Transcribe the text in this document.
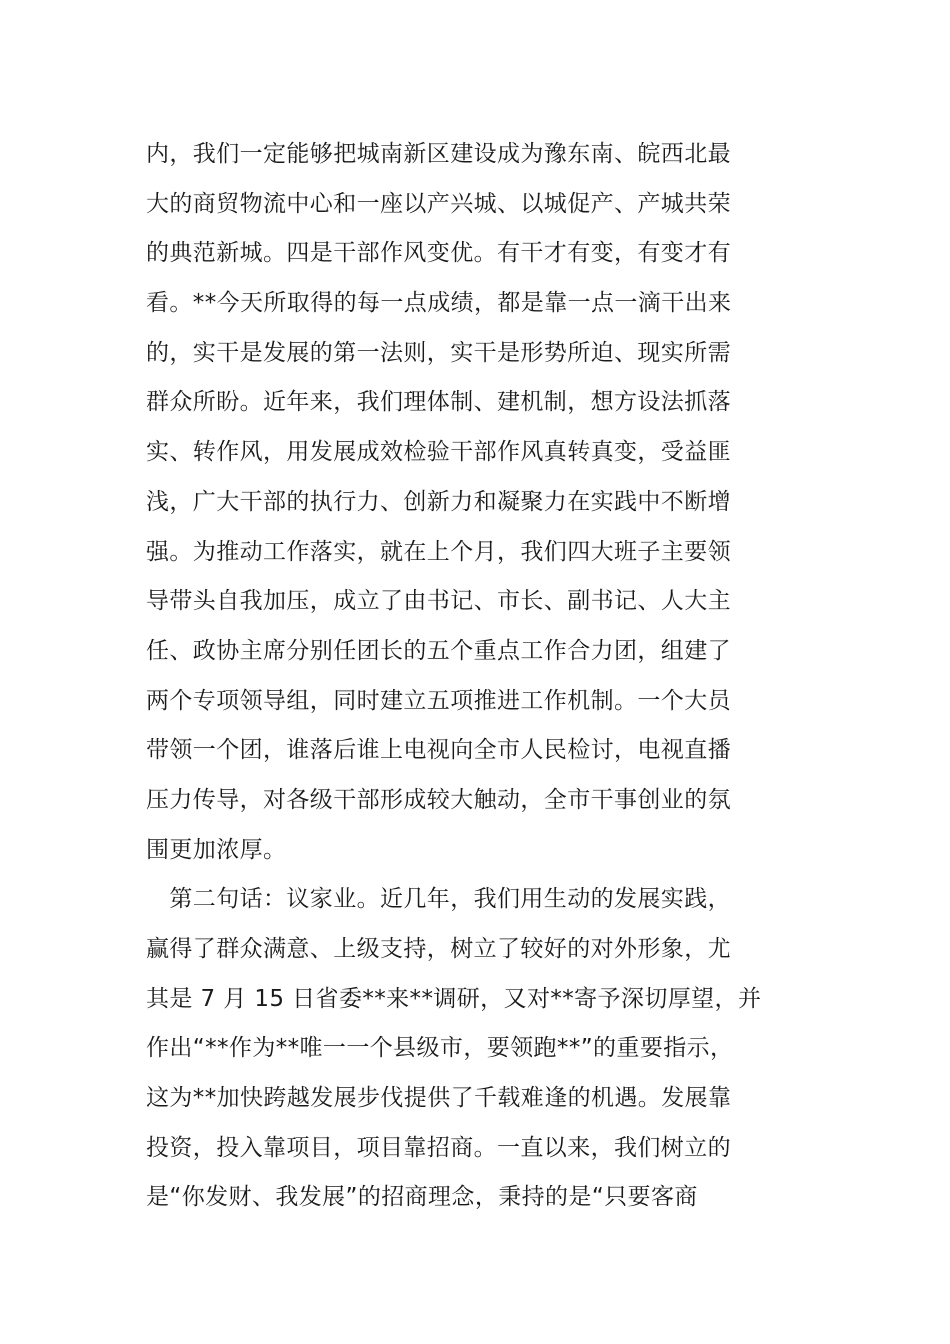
内，我们一定能够把城南新区建设成为豫东南、皖西北最
大的商贸物流中心和一座以产兴城、以城促产、产城共荣
的典范新城。四是干部作风变优。有干才有变，有变才有
看。**今天所取得的每一点成绩，都是靠一点一滴干出来
的，实干是发展的第一法则，实干是形势所迫、现实所需
群众所盼。近年来，我们理体制、建机制，想方设法抓落
实、转作风，用发展成效检验干部作风真转真变，受益匪
浅，广大干部的执行力、创新力和凝聚力在实践中不断增
强。为推动工作落实，就在上个月，我们四大班子主要领
导带头自我加压，成立了由书记、市长、副书记、人大主
任、政协主席分别任团长的五个重点工作合力团，组建了
两个专项领导组，同时建立五项推进工作机制。一个大员
带领一个团，谁落后谁上电视向全市人民检讨，电视直播
压力传导，对各级干部形成较大触动，全市干事创业的氛
围更加浓厚。
　第二句话：议家业。近几年，我们用生动的发展实践，
赢得了群众满意、上级支持，树立了较好的对外形象，尤
其是 7 月 15 日省委**来**调研，又对**寄予深切厚望，并
作出“**作为**唯一一个县级市，要领跑**”的重要指示，
这为**加快跨越发展步伐提供了千载难逢的机遇。发展靠
投资，投入靠项目，项目靠招商。一直以来，我们树立的
是“你发财、我发展”的招商理念，秉持的是“只要客商
